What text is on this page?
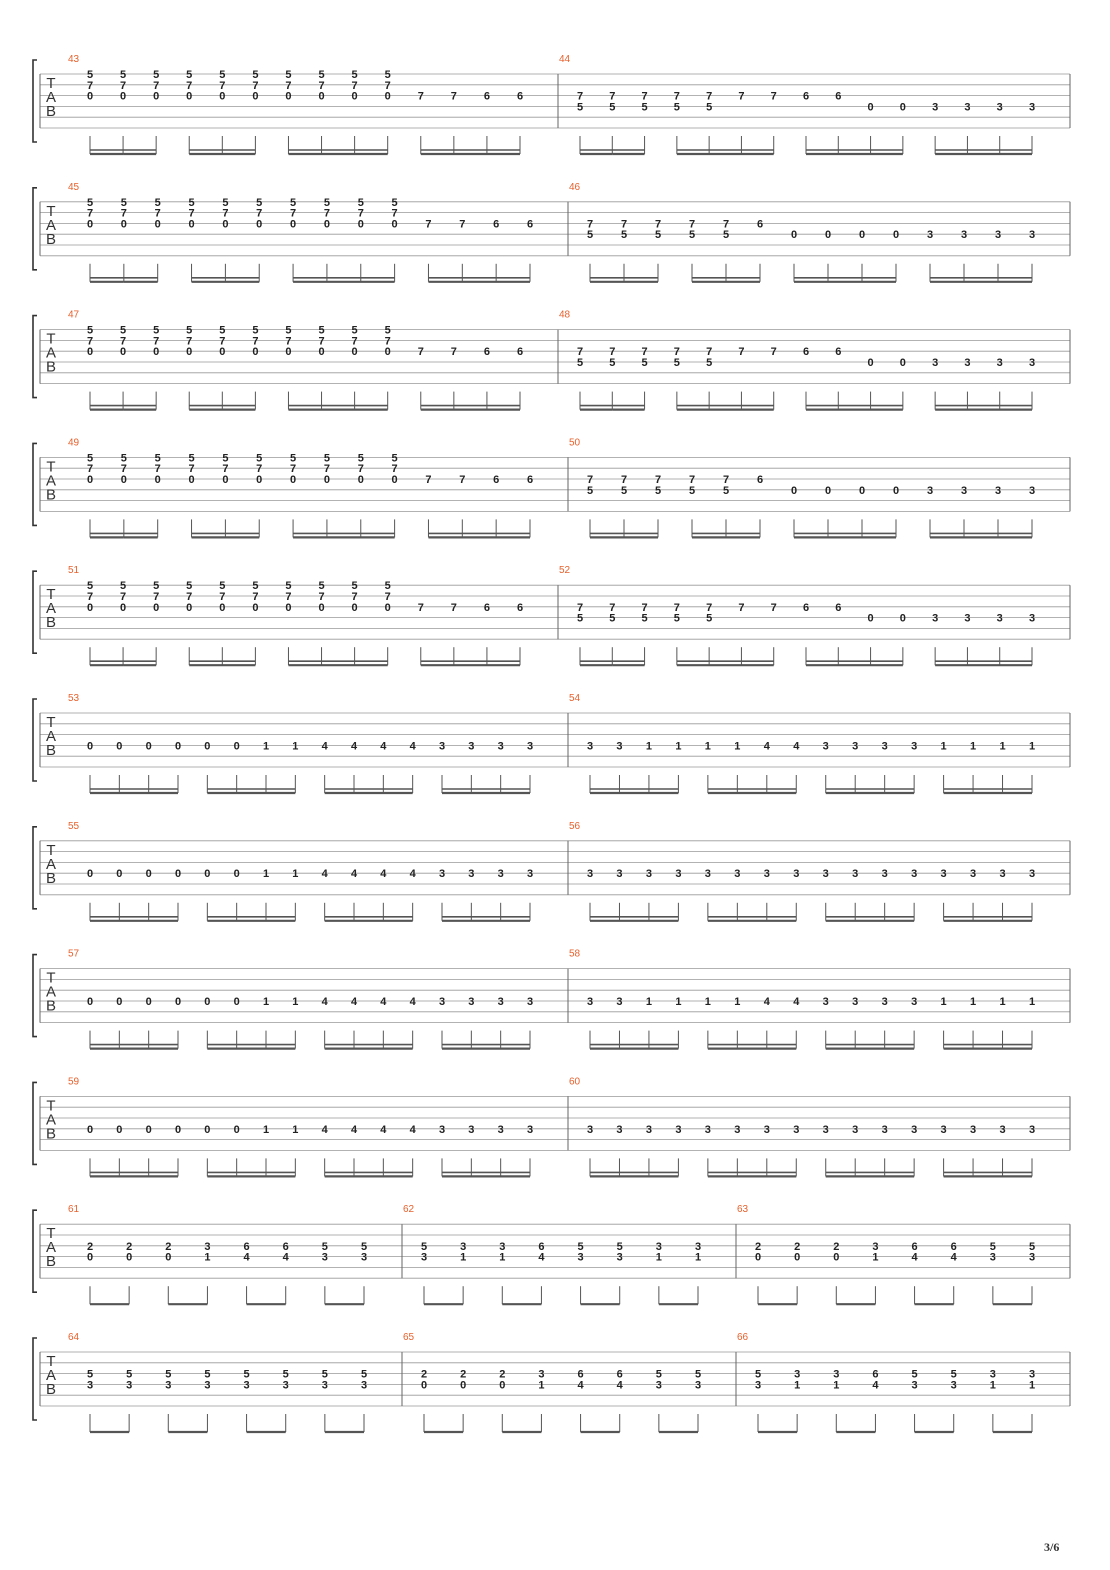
T
A
B
43
5
7
0
5
7
0
5
7
0
5
7
0
5
7
0
5
7
0
5
7
0
5
7
0
5
7
0
5
7
0 7 7 6 6
44
7
5
7
5
7
5
7
5
7
5
7 7 6 6
0 0 3 3 3 3
T
A
B
45
5
7
0
5
7
0
5
7
0
5
7
0
5
7
0
5
7
0
5
7
0
5
7
0
5
7
0
5
7
0	7	7	6	6
46
7
5
7
5
7
5
7
5
7
5
6
0	0	0	0	3	3	3	3
T
A
B
47
5
7
0
5
7
0
5
7
0
5
7
0
5
7
0
5
7
0
5
7
0
5
7
0
5
7
0
5
7
0 7 7 6 6
48
7
5
7
5
7
5
7
5
7
5
7 7 6 6
0 0 3 3 3 3
T
A
B
49
5
7
0
5
7
0
5
7
0
5
7
0
5
7
0
5
7
0
5
7
0
5
7
0
5
7
0
5
7
0	7	7	6	6
50
7
5
7
5
7
5
7
5
7
5
6
0	0	0	0	3	3	3	3
T
A
B
51
5
7
0
5
7
0
5
7
0
5
7
0
5
7
0
5
7
0
5
7
0
5
7
0
5
7
0
5
7
0 7 7 6 6
52
7
5
7
5
7
5
7
5
7
5
7 7 6 6
0 0 3 3 3 3
T
A
B
53
0 0 0 0 0 0 1 1 4 4 4 4 3 3 3 3
54
3 3 1 1 1 1 4 4 3 3 3 3 1 1 1 1
T
A
B
55
0 0 0 0 0 0 1 1 4 4 4 4 3 3 3 3
56
3 3 3 3 3 3 3 3 3 3 3 3 3 3 3 3
T
A
B
57
0 0 0 0 0 0 1 1 4 4 4 4 3 3 3 3
58
3 3 1 1 1 1 4 4 3 3 3 3 1 1 1 1
T
A
B
59
0 0 0 0 0 0 1 1 4 4 4 4 3 3 3 3
60
3 3 3 3 3 3 3 3 3 3 3 3 3 3 3 3
T
A
B
61
2
0
2
0
2
0
3
1
6
4
6
4
5
3
5
3
62
5
3
3
1
3
1
6
4
5
3
5
3
3
1
3
1
63
2
0
2
0
2
0
3
1
6
4
6
4
5
3
5
3
T
A
B
64
5
3
5
3
5
3
5
3
5
3
5
3
5
3
5
3
65
2
0
2
0
2
0
3
1
6
4
6
4
5
3
5
3
66
5
3
3
1
3
1
6
4
5
3
5
3
3
1
3
1
3/6
